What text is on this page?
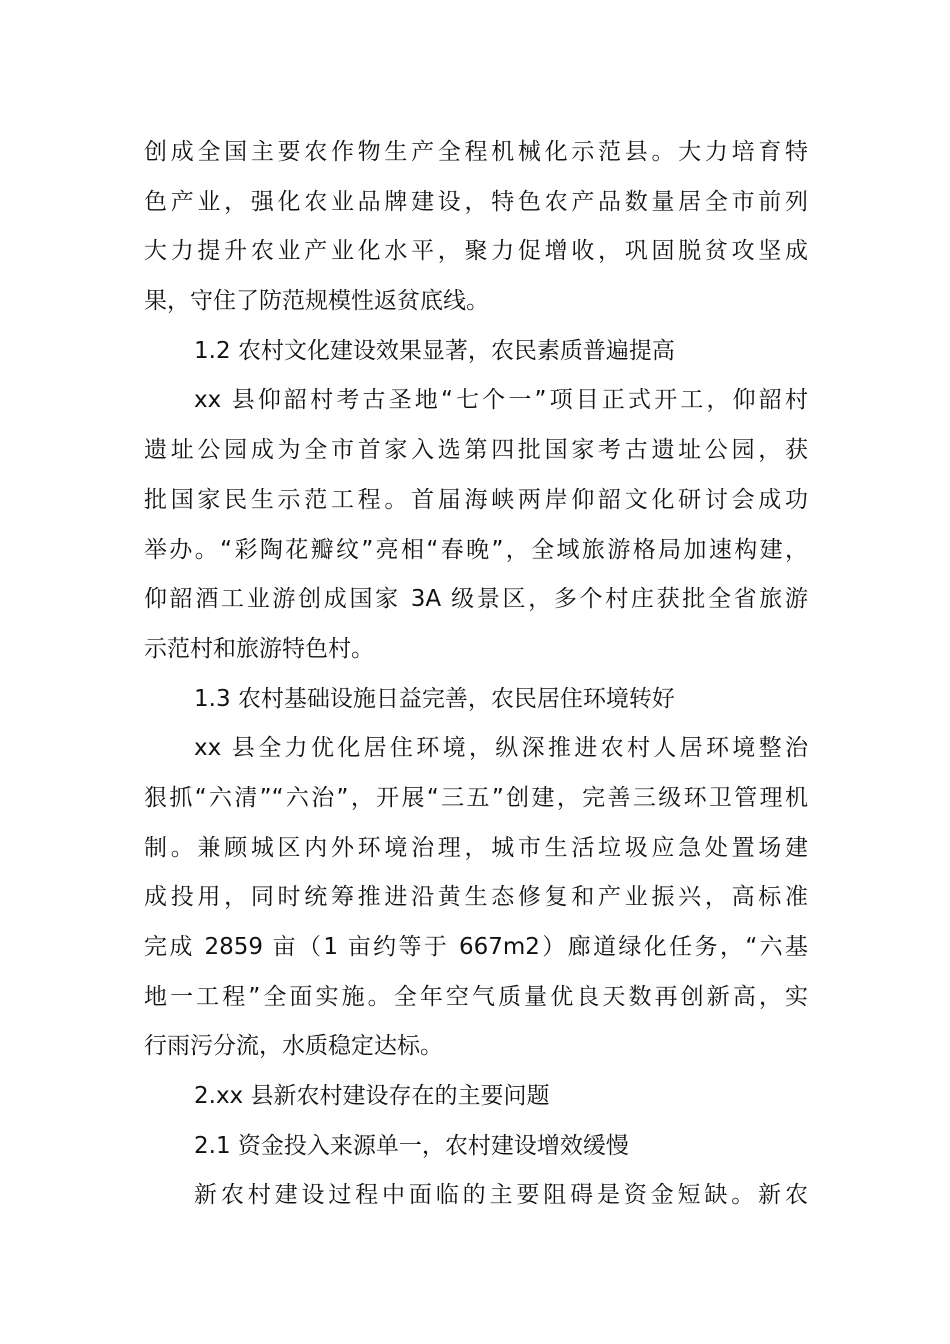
创成全国主要农作物生产全程机械化示范县。大力培育特
色产业，强化农业品牌建设，特色农产品数量居全市前列
大力提升农业产业化水平，聚力促增收，巩固脱贫攻坚成
果，守住了防范规模性返贫底线。
1.2 农村文化建设效果显著，农民素质普遍提高
xx 县仰韶村考古圣地“七个一”项目正式开工，仰韶村
遗址公园成为全市首家入选第四批国家考古遗址公园，获
批国家民生示范工程。首届海峡两岸仰韶文化研讨会成功
举办。“彩陶花瓣纹”亮相“春晚”，全域旅游格局加速构建，
仰韶酒工业游创成国家 3A 级景区，多个村庄获批全省旅游
示范村和旅游特色村。
1.3 农村基础设施日益完善，农民居住环境转好
xx 县全力优化居住环境，纵深推进农村人居环境整治
狠抓“六清”“六治”，开展“三五”创建，完善三级环卫管理机
制。兼顾城区内外环境治理，城市生活垃圾应急处置场建
成投用，同时统筹推进沿黄生态修复和产业振兴，高标准
完成 2859 亩（1 亩约等于 667m2）廊道绿化任务，“六基
地一工程”全面实施。全年空气质量优良天数再创新高，实
行雨污分流，水质稳定达标。
2.xx 县新农村建设存在的主要问题
2.1 资金投入来源单一，农村建设增效缓慢
新农村建设过程中面临的主要阻碍是资金短缺。新农
